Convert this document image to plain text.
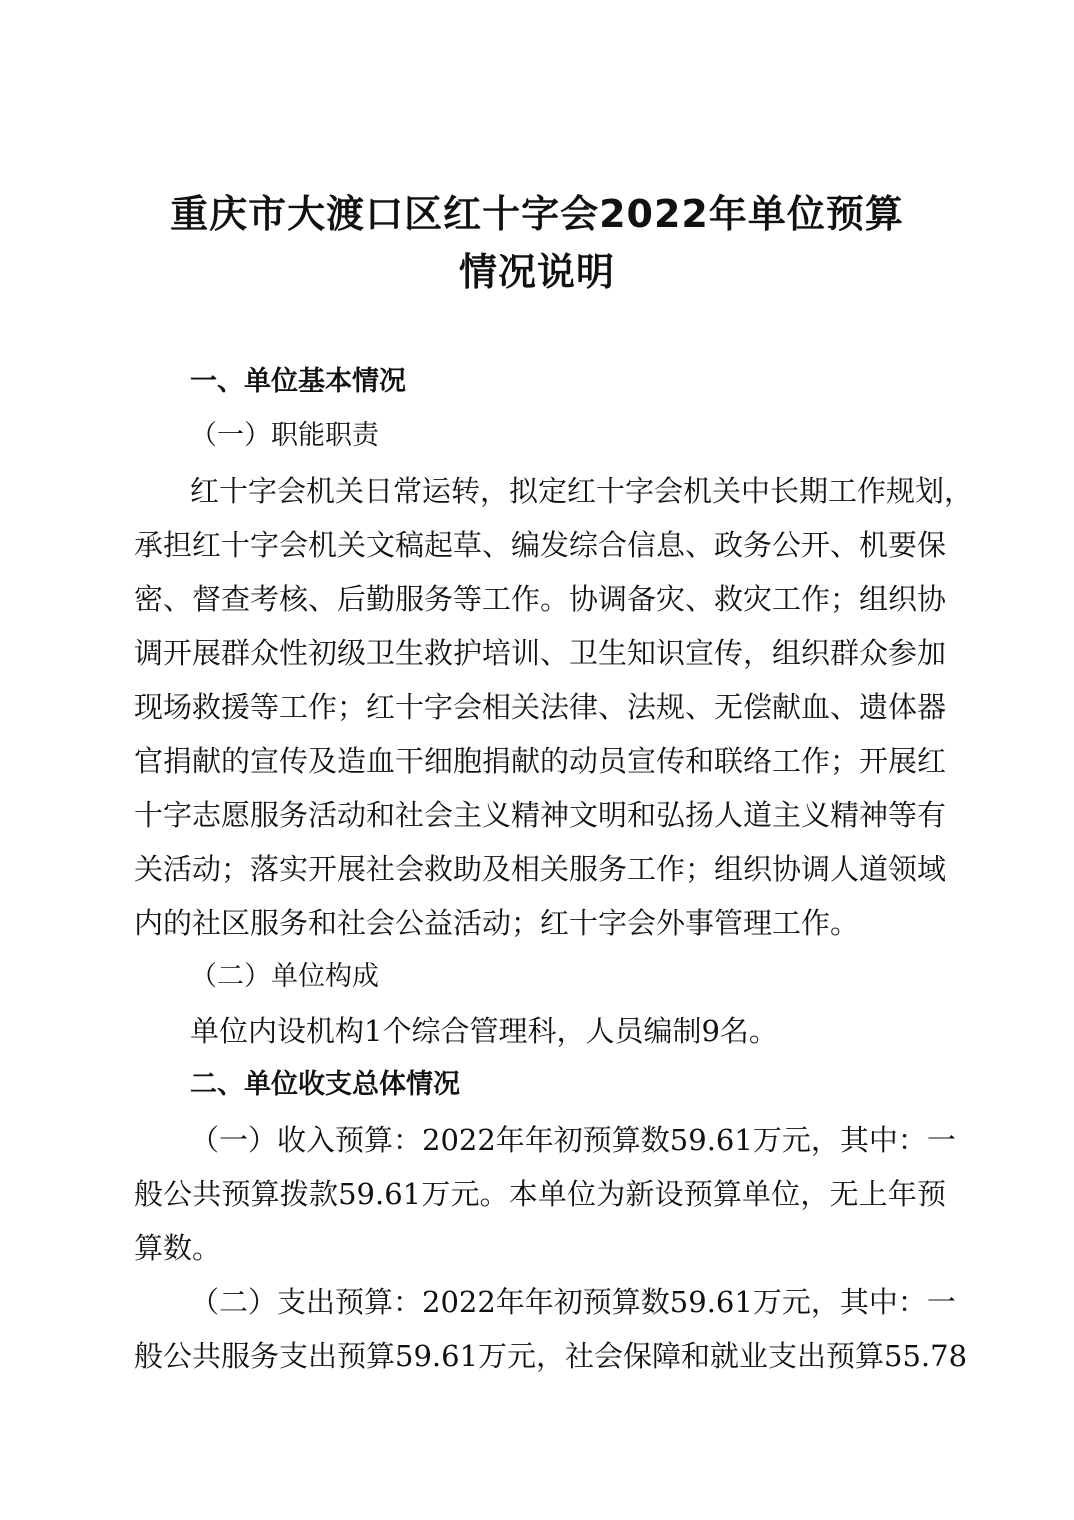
重庆市大渡口区红十字会2022年单位预算
情况说明

一、单位基本情况

（一）职能职责

红十字会机关日常运转，拟定红十字会机关中长期工作规划，

承担红十字会机关文稿起草、编发综合信息、政务公开、机要保

密、督查考核、后勤服务等工作。协调备灾、救灾工作；组织协

调开展群众性初级卫生救护培训、卫生知识宣传，组织群众参加

现场救援等工作；红十字会相关法律、法规、无偿献血、遗体器

官捐献的宣传及造血干细胞捐献的动员宣传和联络工作；开展红

十字志愿服务活动和社会主义精神文明和弘扬人道主义精神等有

关活动；落实开展社会救助及相关服务工作；组织协调人道领域

内的社区服务和社会公益活动；红十字会外事管理工作。

（二）单位构成

单位内设机构1个综合管理科，人员编制9名。

二、单位收支总体情况

（一）收入预算：2022年年初预算数59.61万元，其中：一

般公共预算拨款59.61万元。本单位为新设预算单位，无上年预

算数。

（二）支出预算：2022年年初预算数59.61万元，其中：一

般公共服务支出预算59.61万元，社会保障和就业支出预算55.78
